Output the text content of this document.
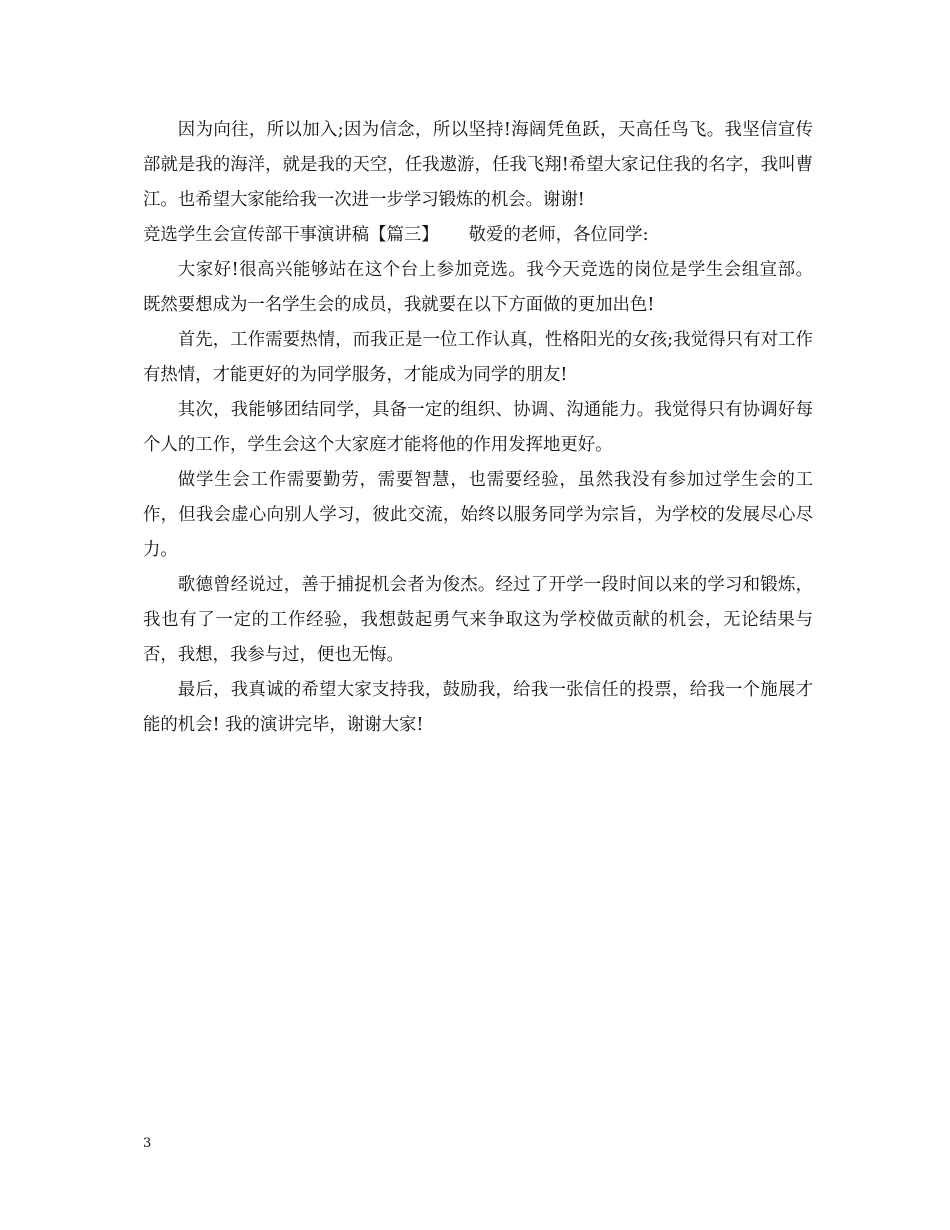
因为向往，所以加入;因为信念，所以坚持!海阔凭鱼跃，天高任鸟飞。我坚信宣传部就是我的海洋，就是我的天空，任我遨游，任我飞翔!希望大家记住我的名字，我叫曹江。也希望大家能给我一次进一步学习锻炼的机会。谢谢!

竞选学生会宣传部干事演讲稿【篇三】 敬爱的老师，各位同学:

大家好!很高兴能够站在这个台上参加竞选。我今天竞选的岗位是学生会组宣部。 既然要想成为一名学生会的成员，我就要在以下方面做的更加出色!

首先，工作需要热情，而我正是一位工作认真，性格阳光的女孩;我觉得只有对工作有热情，才能更好的为同学服务，才能成为同学的朋友!

其次，我能够团结同学，具备一定的组织、协调、沟通能力。我觉得只有协调好每个人的工作，学生会这个大家庭才能将他的作用发挥地更好。

做学生会工作需要勤劳，需要智慧，也需要经验，虽然我没有参加过学生会的工作，但我会虚心向别人学习，彼此交流，始终以服务同学为宗旨，为学校的发展尽心尽力。

歌德曾经说过，善于捕捉机会者为俊杰。经过了开学一段时间以来的学习和锻炼，我也有了一定的工作经验，我想鼓起勇气来争取这为学校做贡献的机会，无论结果与否，我想，我参与过，便也无悔。

最后，我真诚的希望大家支持我，鼓励我，给我一张信任的投票，给我一个施展才能的机会! 我的演讲完毕，谢谢大家!

3
